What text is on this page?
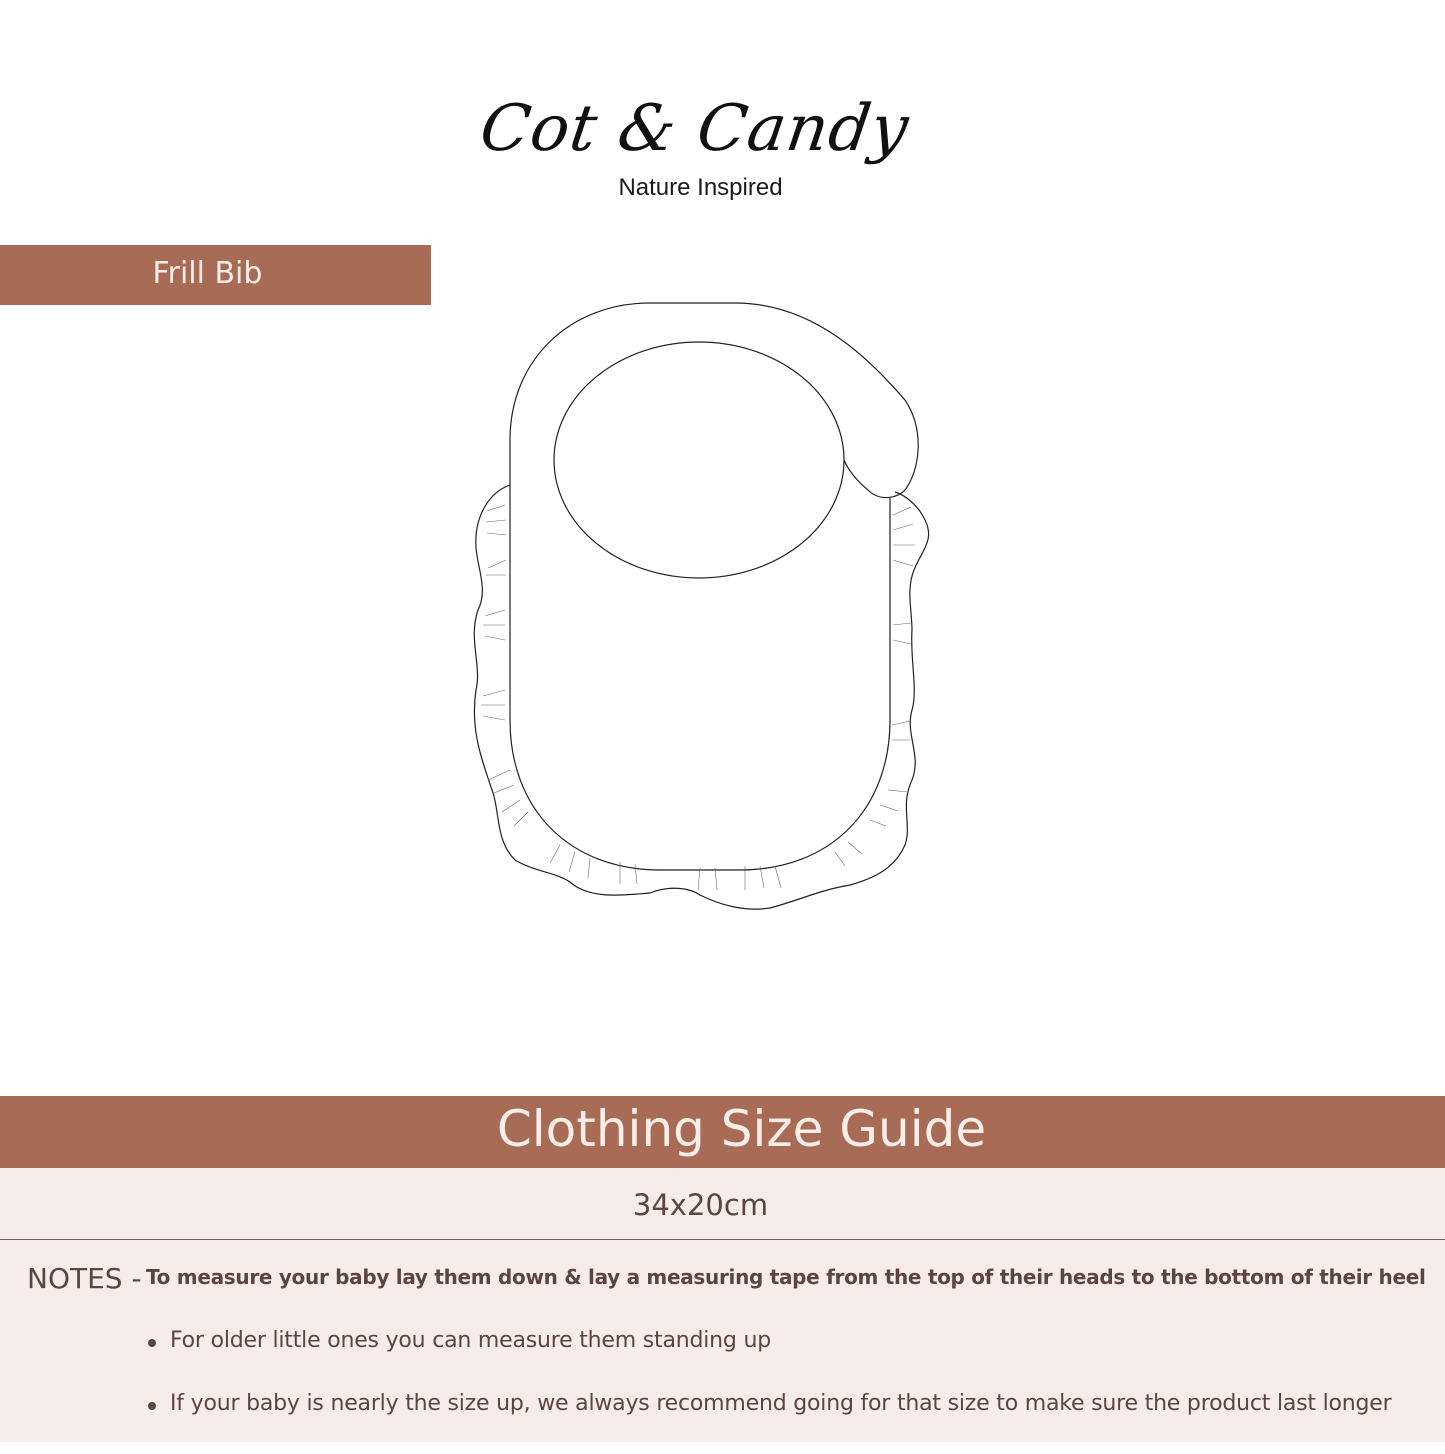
Cot & Candy
Nature Inspired
Frill Bib
Clothing Size Guide
34x20cm
NOTES - To measure your baby lay them down & lay a measuring tape from the top of their heads to the bottom of their heel
For older little ones you can measure them standing up
If your baby is nearly the size up, we always recommend going for that size to make sure the product last longer
